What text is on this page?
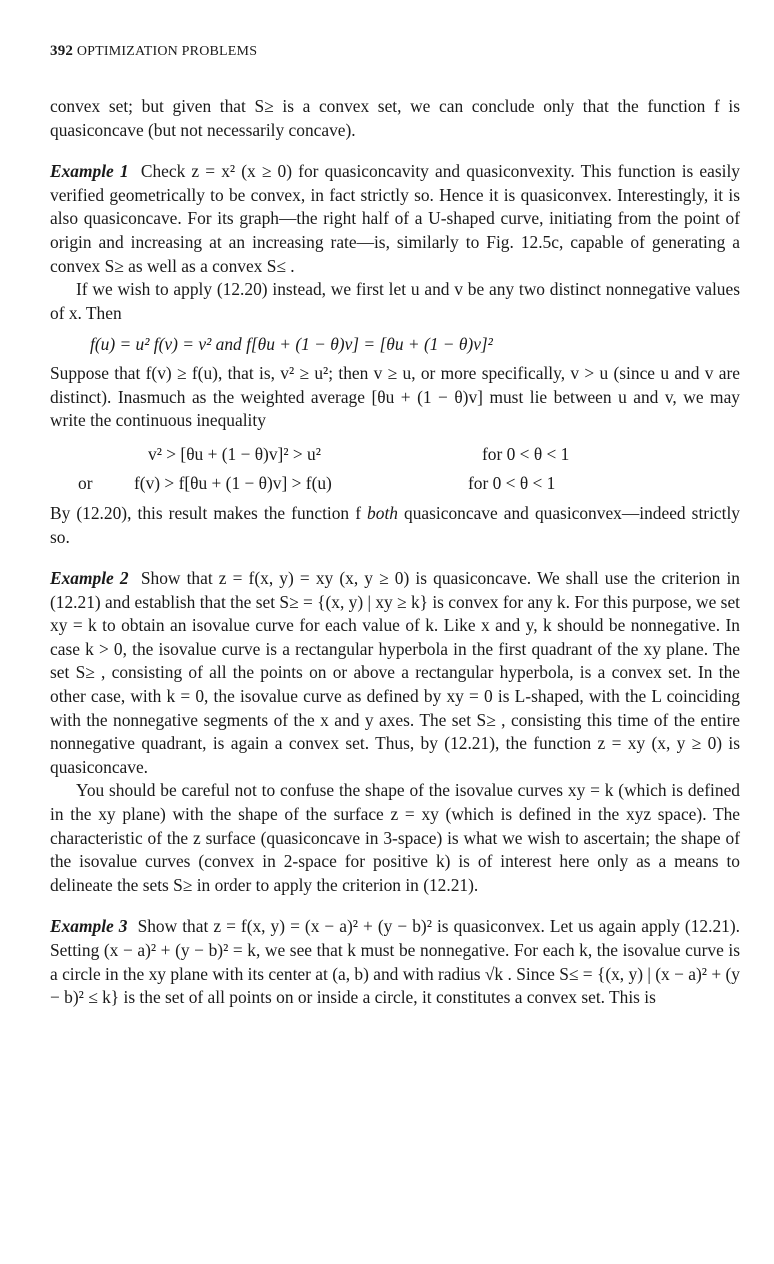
392 OPTIMIZATION PROBLEMS

convex set; but given that S≥ is a convex set, we can conclude only that the function f is quasiconcave (but not necessarily concave).

Example 1 Check z = x² (x ≥ 0) for quasiconcavity and quasiconvexity. This function is easily verified geometrically to be convex, in fact strictly so. Hence it is quasiconvex. Interestingly, it is also quasiconcave. For its graph—the right half of a U-shaped curve, initiating from the point of origin and increasing at an increasing rate—is, similarly to Fig. 12.5c, capable of generating a convex S≥ as well as a convex S≤ .

If we wish to apply (12.20) instead, we first let u and v be any two distinct nonnegative values of x. Then

f(u) = u² f(v) = v² and f[θu + (1 − θ)v] = [θu + (1 − θ)v]²

Suppose that f(v) ≥ f(u), that is, v² ≥ u²; then v ≥ u, or more specifically, v > u (since u and v are distinct). Inasmuch as the weighted average [θu + (1 − θ)v] must lie between u and v, we may write the continuous inequality

v² > [θu + (1 − θ)v]² > u²	for 0 < θ < 1
or	f(v) > f[θu + (1 − θ)v] > f(u)	for 0 < θ < 1

By (12.20), this result makes the function f both quasiconcave and quasiconvex—indeed strictly so.

Example 2 Show that z = f(x, y) = xy (x, y ≥ 0) is quasiconcave. We shall use the criterion in (12.21) and establish that the set S≥ = {(x, y) | xy ≥ k} is convex for any k. For this purpose, we set xy = k to obtain an isovalue curve for each value of k. Like x and y, k should be nonnegative. In case k > 0, the isovalue curve is a rectangular hyperbola in the first quadrant of the xy plane. The set S≥ , consisting of all the points on or above a rectangular hyperbola, is a convex set. In the other case, with k = 0, the isovalue curve as defined by xy = 0 is L-shaped, with the L coinciding with the nonnegative segments of the x and y axes. The set S≥ , consisting this time of the entire nonnegative quadrant, is again a convex set. Thus, by (12.21), the function z = xy (x, y ≥ 0) is quasiconcave.

You should be careful not to confuse the shape of the isovalue curves xy = k (which is defined in the xy plane) with the shape of the surface z = xy (which is defined in the xyz space). The characteristic of the z surface (quasiconcave in 3-space) is what we wish to ascertain; the shape of the isovalue curves (convex in 2-space for positive k) is of interest here only as a means to delineate the sets S≥ in order to apply the criterion in (12.21).

Example 3 Show that z = f(x, y) = (x − a)² + (y − b)² is quasiconvex. Let us again apply (12.21). Setting (x − a)² + (y − b)² = k, we see that k must be nonnegative. For each k, the isovalue curve is a circle in the xy plane with its center at (a, b) and with radius √k . Since S≤ = {(x, y) | (x − a)² + (y − b)² ≤ k} is the set of all points on or inside a circle, it constitutes a convex set. This is
